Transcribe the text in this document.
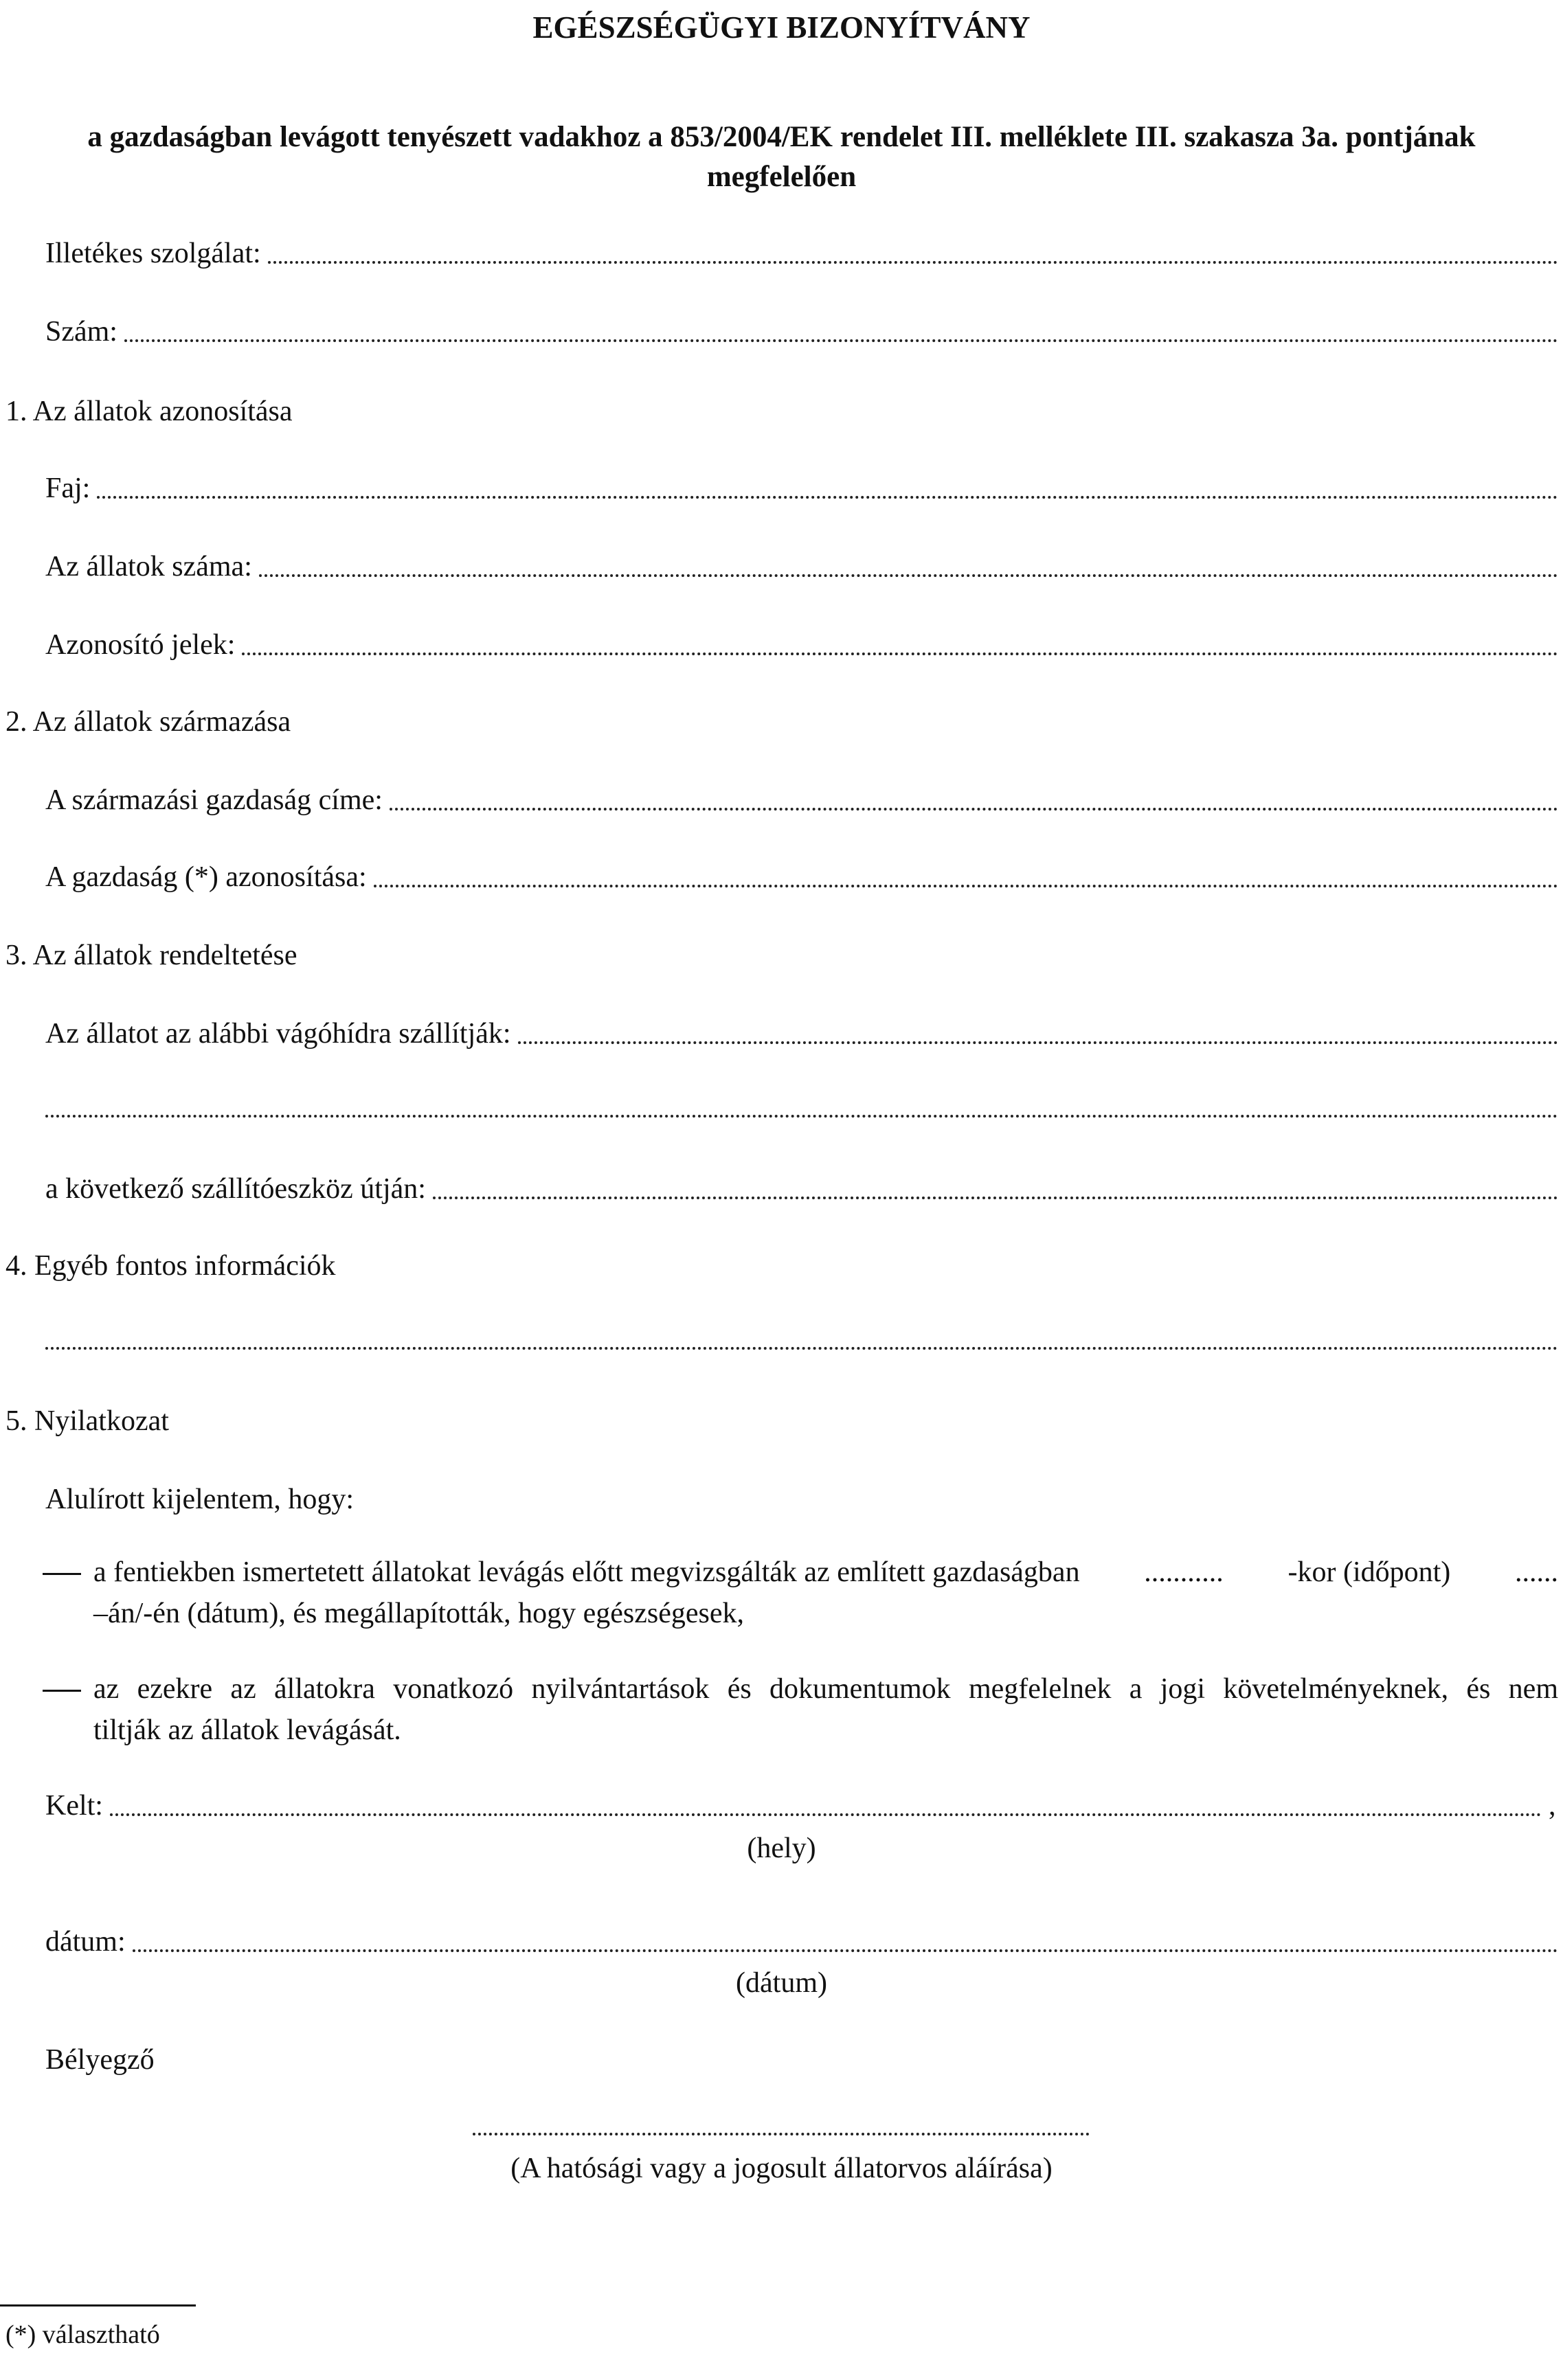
EGÉSZSÉGÜGYI BIZONYÍTVÁNY
a gazdaságban levágott tenyészett vadakhoz a 853/2004/EK rendelet III. melléklete III. szakasza 3a. pontjának
megfelelően
Illetékes szolgálat:
Szám:
1. Az állatok azonosítása
Faj:
Az állatok száma:
Azonosító jelek:
2. Az állatok származása
A származási gazdaság címe:
A gazdaság (*) azonosítása:
3. Az állatok rendeltetése
Az állatot az alábbi vágóhídra szállítják:
a következő szállítóeszköz útján:
4. Egyéb fontos információk
5. Nyilatkozat
Alulírott kijelentem, hogy:
a fentiekben ismertetett állatokat levágás előtt megvizsgálták az említett gazdaságban ........... -kor (időpont) ......
–án/-én (dátum), és megállapították, hogy egészségesek,
az ezekre az állatokra vonatkozó nyilvántartások és dokumentumok megfelelnek a jogi követelményeknek, és nem
tiltják az állatok levágását.
Kelt:	,
(hely)
dátum:
(dátum)
Bélyegző
(A hatósági vagy a jogosult állatorvos aláírása)
(*) választható
